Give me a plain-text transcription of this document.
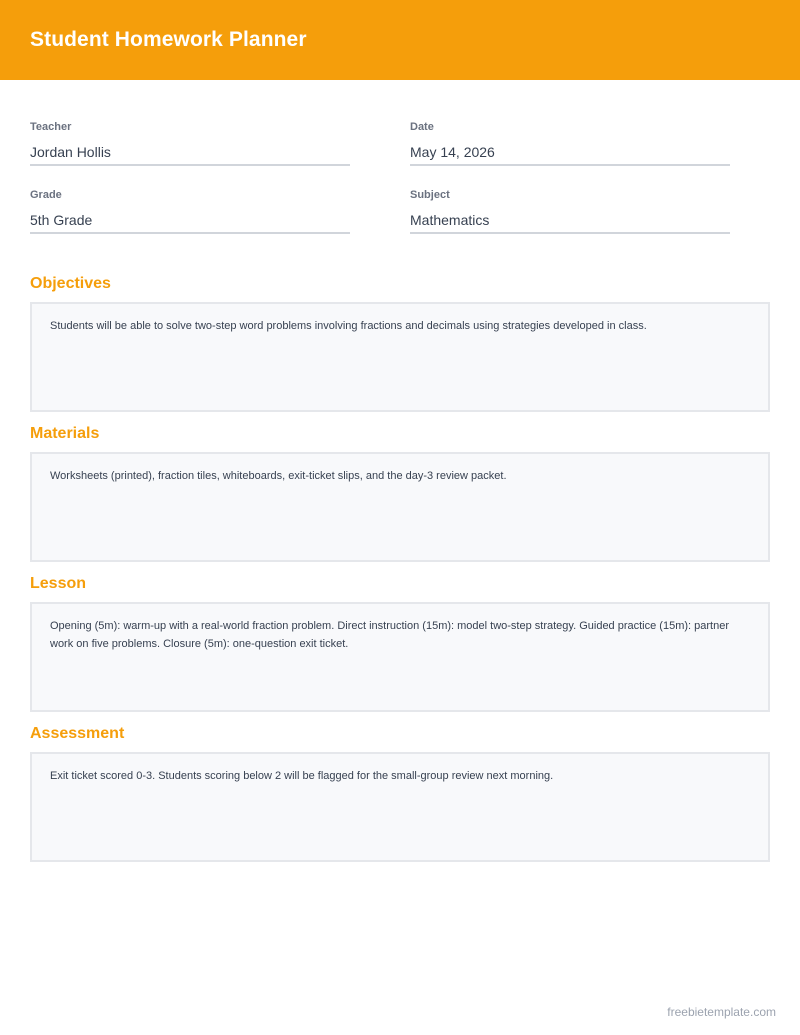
Student Homework Planner
Teacher
Jordan Hollis
Date
May 14, 2026
Grade
5th Grade
Subject
Mathematics
Objectives
Students will be able to solve two-step word problems involving fractions and decimals using strategies developed in class.
Materials
Worksheets (printed), fraction tiles, whiteboards, exit-ticket slips, and the day-3 review packet.
Lesson
Opening (5m): warm-up with a real-world fraction problem. Direct instruction (15m): model two-step strategy. Guided practice (15m): partner work on five problems. Closure (5m): one-question exit ticket.
Assessment
Exit ticket scored 0-3. Students scoring below 2 will be flagged for the small-group review next morning.
freebietemplate.com
